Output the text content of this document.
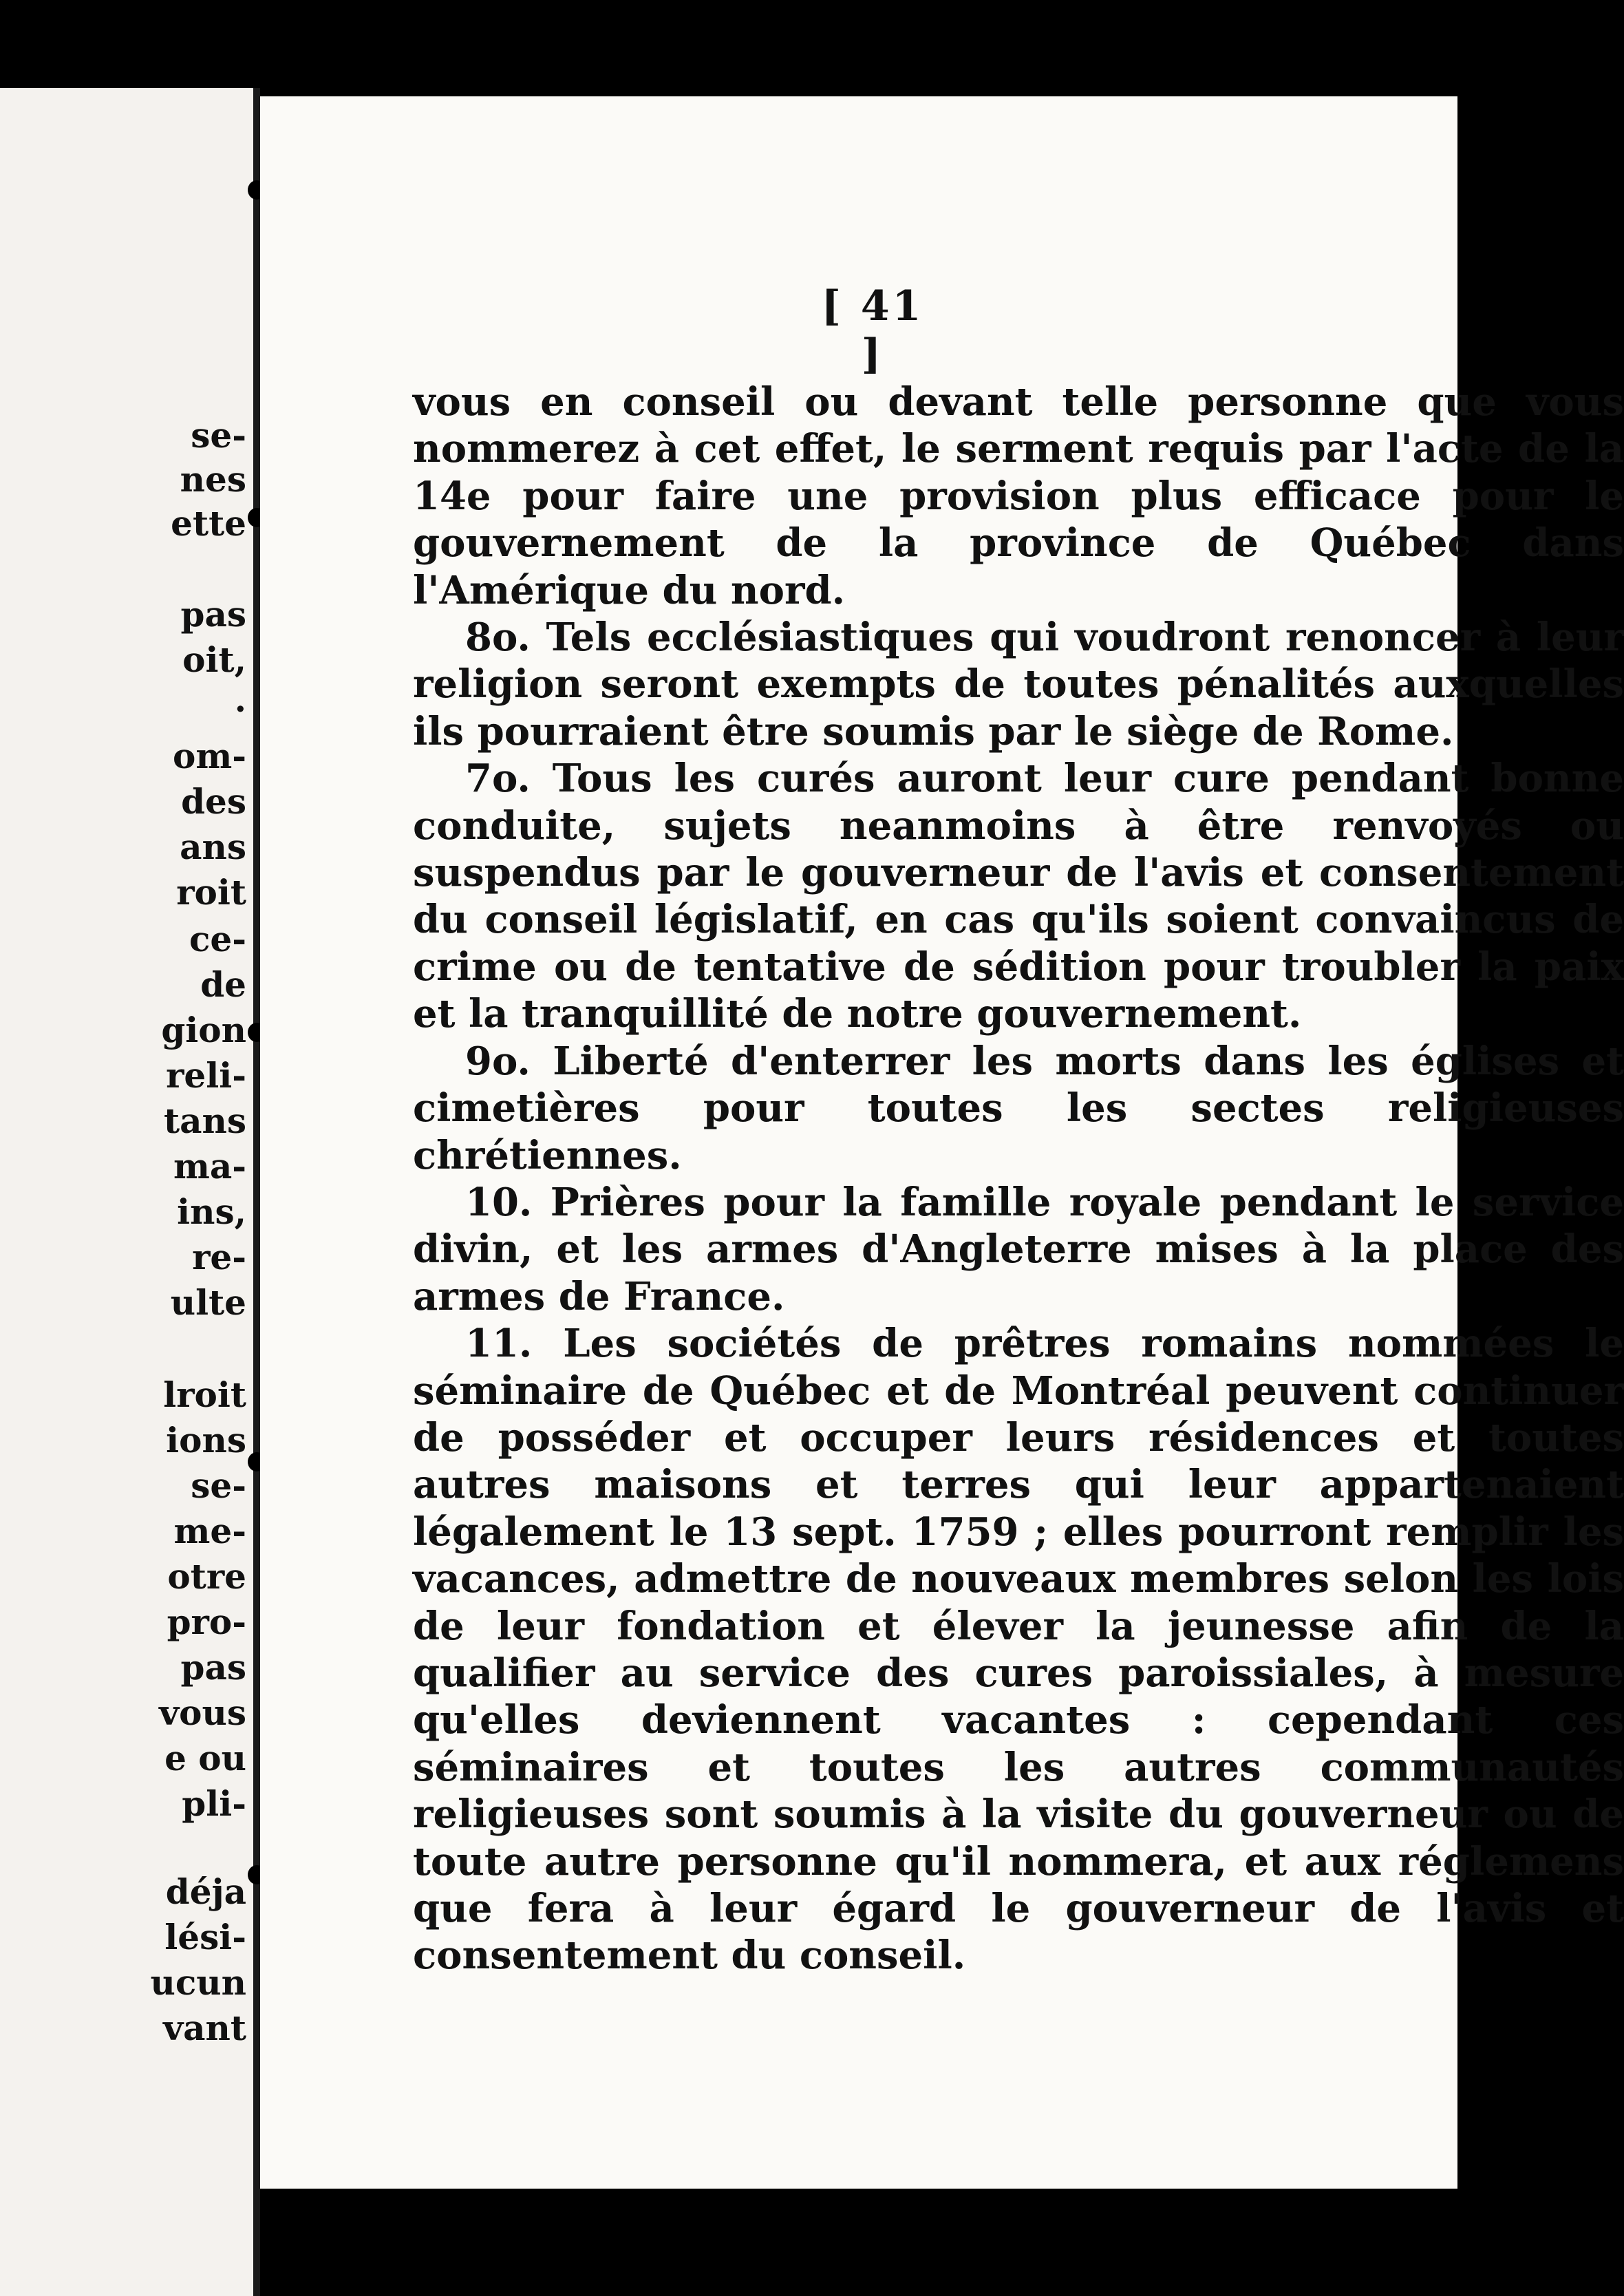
se-
nes
ette
pas
oit,
.
om-
des
ans
roit
ce-
de
gion
reli-
tans
ma-
ins,
re-
ulte
lroit
ions
se-
me-
otre
pro-
pas
vous
e ou
pli-
déja
lési-
ucun
vant
[ 41 ]

vous en conseil ou devant telle personne que vous nommerez à cet effet, le serment requis par l'acte de la 14e pour faire une provision plus efficace pour le gouvernement de la province de Québec dans l'Amérique du nord.

8o. Tels ecclésiastiques qui voudront renoncer à leur religion seront exempts de toutes pénalités auxquelles ils pourraient être soumis par le siège de Rome.

7o. Tous les curés auront leur cure pendant bonne conduite, sujets neanmoins à être renvoyés ou suspendus par le gouverneur de l'avis et consentement du conseil législatif, en cas qu'ils soient convaincus de crime ou de tentative de sédition pour troubler la paix et la tranquillité de notre gouvernement.

9o. Liberté d'enterrer les morts dans les églises et cimetières pour toutes les sectes religieuses chrétiennes.

10. Prières pour la famille royale pendant le service divin, et les armes d'Angleterre mises à la place des armes de France.

11. Les sociétés de prêtres romains nommées le séminaire de Québec et de Montréal peuvent continuer de posséder et occuper leurs résidences et toutes autres maisons et terres qui leur appartenaient légalement le 13 sept. 1759 ; elles pourront remplir les vacances, admettre de nouveaux membres selon les lois de leur fondation et élever la jeunesse afin de la qualifier au service des cures paroissiales, à mesure qu'elles deviennent vacantes : cependant ces séminaires et toutes les autres communautés religieuses sont soumis à la visite du gouverneur ou de toute autre personne qu'il nommera, et aux réglemens que fera à leur égard le gouverneur de l'avis et consentement du conseil.
